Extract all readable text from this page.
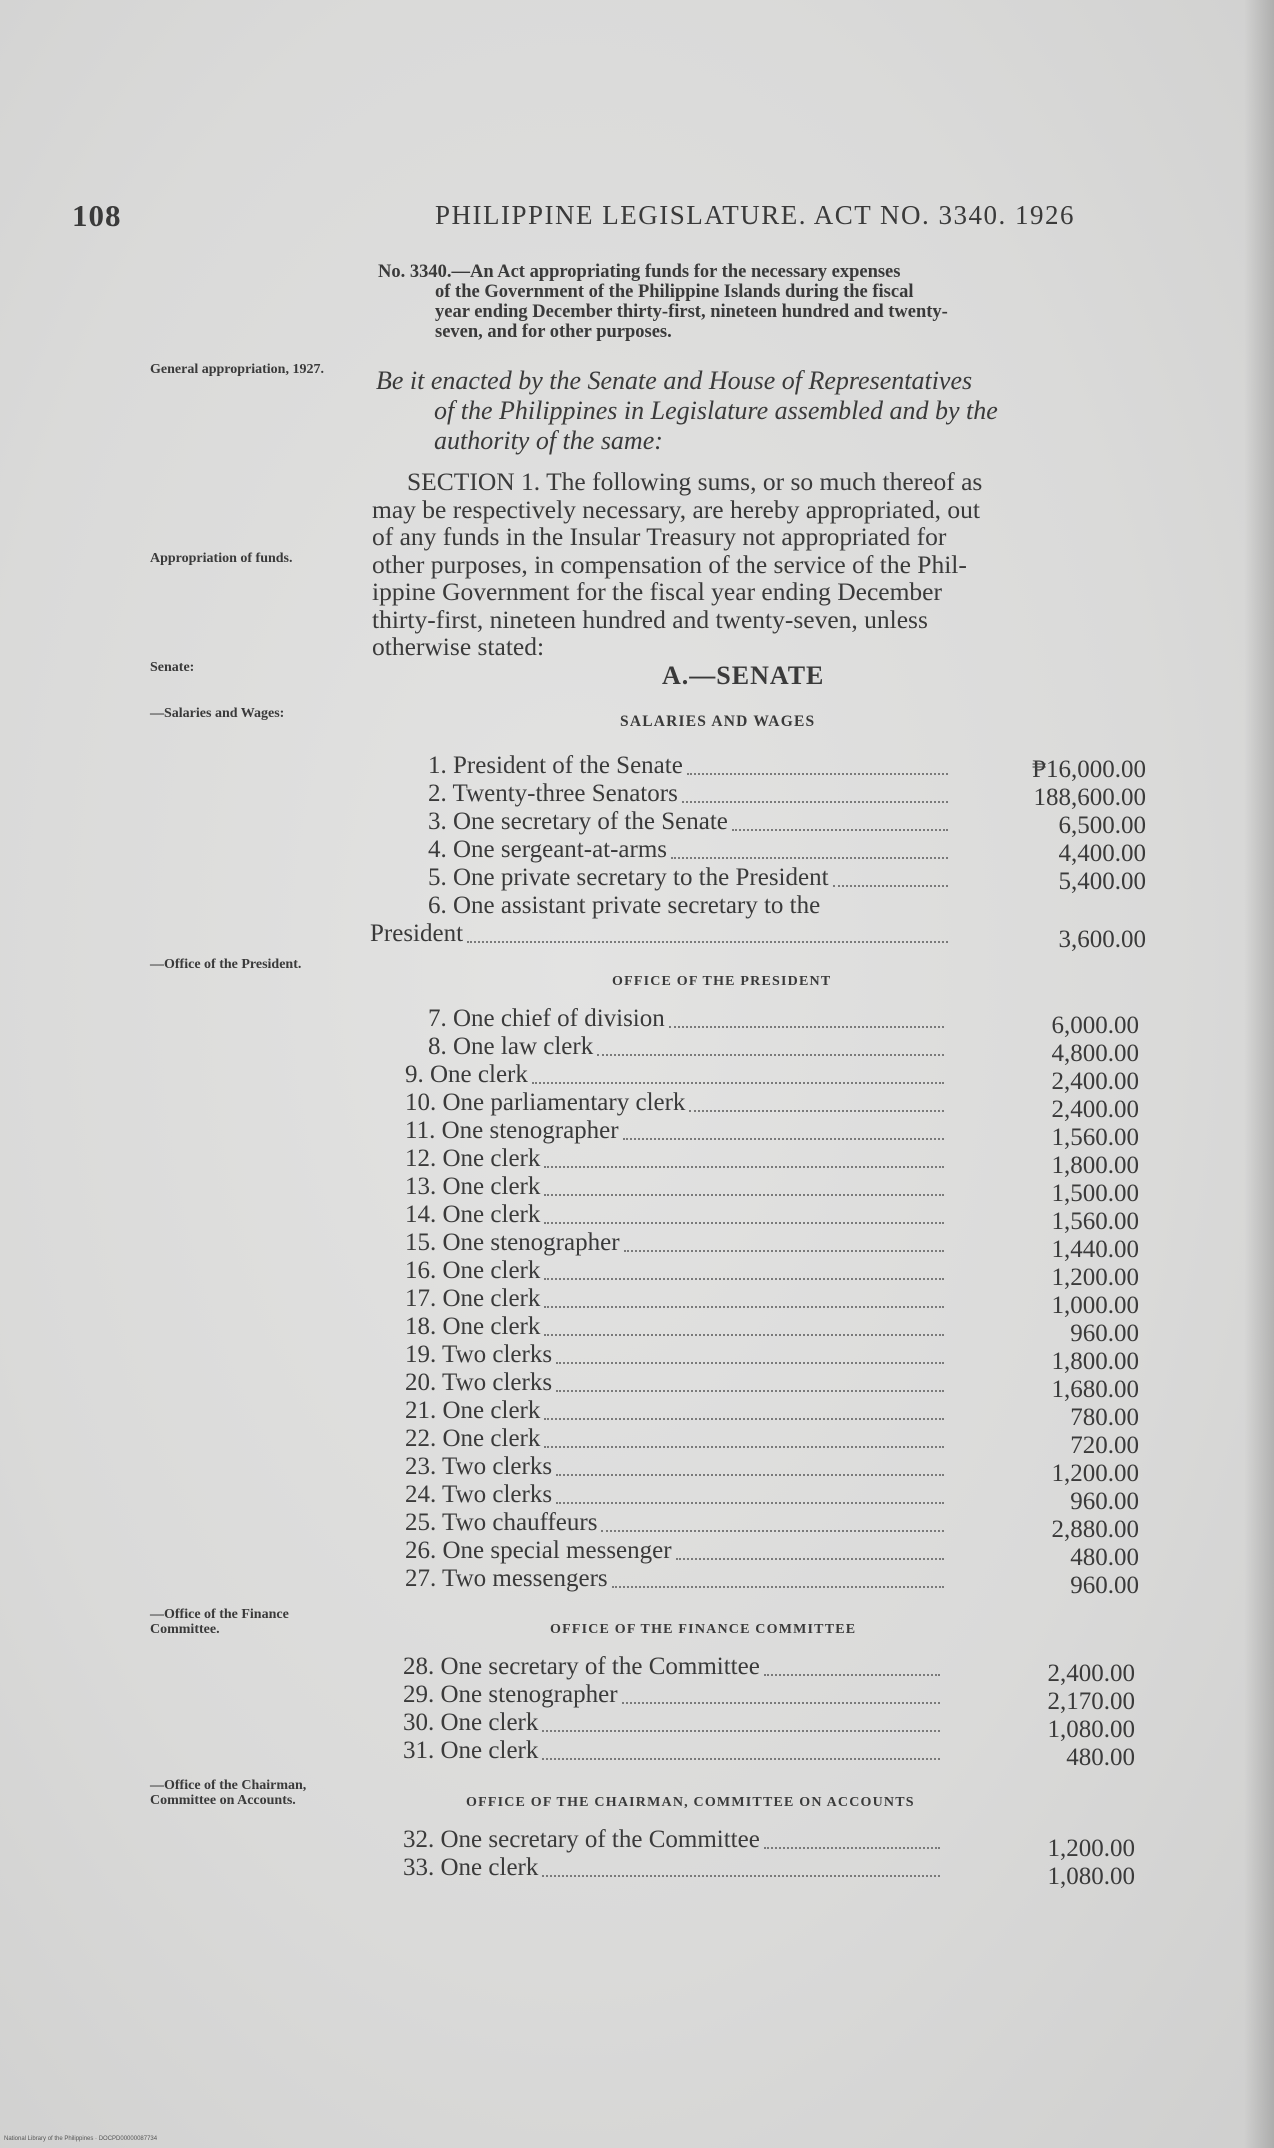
108	PHILIPPINE LEGISLATURE. ACT NO. 3340. 1926
No. 3340.—An Act appropriating funds for the necessary expenses
of the Government of the Philippine Islands during the fiscal
year ending December thirty-first, nineteen hundred and twenty-
seven, and for other purposes.
General appropriation, 1927.	Be it enacted by the Senate and House of Representatives
of the Philippines in Legislature assembled and by the
authority of the same:
Appropriation of funds.
SECTION 1. The following sums, or so much thereof as
may be respectively necessary, are hereby appropriated, out
of any funds in the Insular Treasury not appropriated for
other purposes, in compensation of the service of the Phil-
ippine Government for the fiscal year ending December
thirty-first, nineteen hundred and twenty-seven, unless
otherwise stated:
Senate:	A.—SENATE
—Salaries and Wages:	SALARIES AND WAGES
—Office of the President.
OFFICE OF THE PRESIDENT
—Office of the Finance Committee.	OFFICE OF THE FINANCE COMMITTEE
—Office of the Chairman, Committee on Accounts.	OFFICE OF THE CHAIRMAN, COMMITTEE ON ACCOUNTS
1. President of the Senate	₱16,000.00
2. Twenty-three Senators	188,600.00
3. One secretary of the Senate	6,500.00
4. One sergeant-at-arms	4,400.00
5. One private secretary to the President	5,400.00
6. One assistant private secretary to the
President	3,600.00
7. One chief of division	6,000.00
8. One law clerk	4,800.00
9. One clerk	2,400.00
10. One parliamentary clerk	2,400.00
11. One stenographer	1,560.00
12. One clerk	1,800.00
13. One clerk	1,500.00
14. One clerk	1,560.00
15. One stenographer	1,440.00
16. One clerk	1,200.00
17. One clerk	1,000.00
18. One clerk	960.00
19. Two clerks	1,800.00
20. Two clerks	1,680.00
21. One clerk	780.00
22. One clerk	720.00
23. Two clerks	1,200.00
24. Two clerks	960.00
25. Two chauffeurs	2,880.00
26. One special messenger	480.00
27. Two messengers	960.00
28. One secretary of the Committee	2,400.00
29. One stenographer	2,170.00
30. One clerk	1,080.00
31. One clerk	480.00
32. One secretary of the Committee	1,200.00
33. One clerk	1,080.00
National Library of the Philippines · DOCPD00000087734
